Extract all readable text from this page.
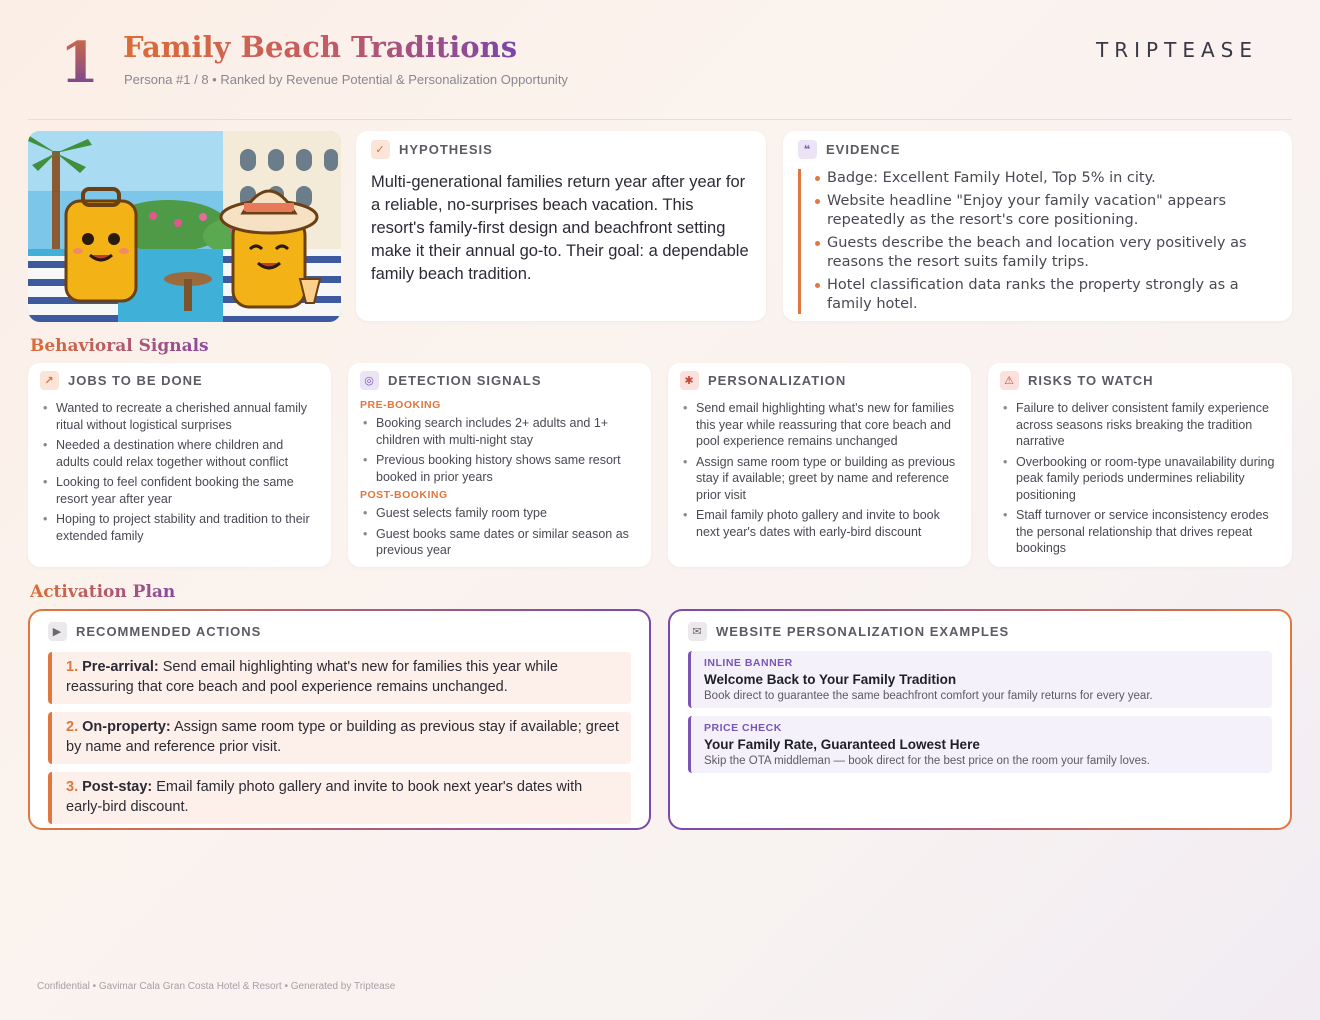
1 Family Beach Traditions
Persona #1 / 8 • Ranked by Revenue Potential & Personalization Opportunity
TRIPTEASE
✓	HYPOTHESIS
Multi-generational families return year after year for a reliable, no-surprises beach vacation. This resort's family-first design and beachfront setting make it their annual go-to. Their goal: a dependable family beach tradition.
❝	EVIDENCE
Badge: Excellent Family Hotel, Top 5% in city.
Website headline "Enjoy your family vacation" appears repeatedly as the resort's core positioning.
Guests describe the beach and location very positively as reasons the resort suits family trips.
Hotel classification data ranks the property strongly as a family hotel.
Behavioral Signals
↗	JOBS TO BE DONE
• Wanted to recreate a cherished annual family ritual without logistical surprises
• Needed a destination where children and adults could relax together without conflict
• Looking to feel confident booking the same resort year after year
• Hoping to project stability and tradition to their extended family
◎	DETECTION SIGNALS
PRE-BOOKING
• Booking search includes 2+ adults and 1+ children with multi-night stay
• Previous booking history shows same resort booked in prior years
POST-BOOKING
• Guest selects family room type
• Guest books same dates or similar season as previous year
✱	PERSONALIZATION
• Send email highlighting what's new for families this year while reassuring that core beach and pool experience remains unchanged
• Assign same room type or building as previous stay if available; greet by name and reference prior visit
• Email family photo gallery and invite to book next year's dates with early-bird discount
⚠	RISKS TO WATCH
• Failure to deliver consistent family experience across seasons risks breaking the tradition narrative
• Overbooking or room-type unavailability during peak family periods undermines reliability positioning
• Staff turnover or service inconsistency erodes the personal relationship that drives repeat bookings
Activation Plan
▶	RECOMMENDED ACTIONS
1. Pre-arrival: Send email highlighting what's new for families this year while reassuring that core beach and pool experience remains unchanged.
2. On-property: Assign same room type or building as previous stay if available; greet by name and reference prior visit.
3. Post-stay: Email family photo gallery and invite to book next year's dates with early-bird discount.
✉	WEBSITE PERSONALIZATION EXAMPLES
INLINE BANNER
Welcome Back to Your Family Tradition
Book direct to guarantee the same beachfront comfort your family returns for every year.
PRICE CHECK
Your Family Rate, Guaranteed Lowest Here
Skip the OTA middleman — book direct for the best price on the room your family loves.
Confidential • Gavimar Cala Gran Costa Hotel & Resort • Generated by Triptease
